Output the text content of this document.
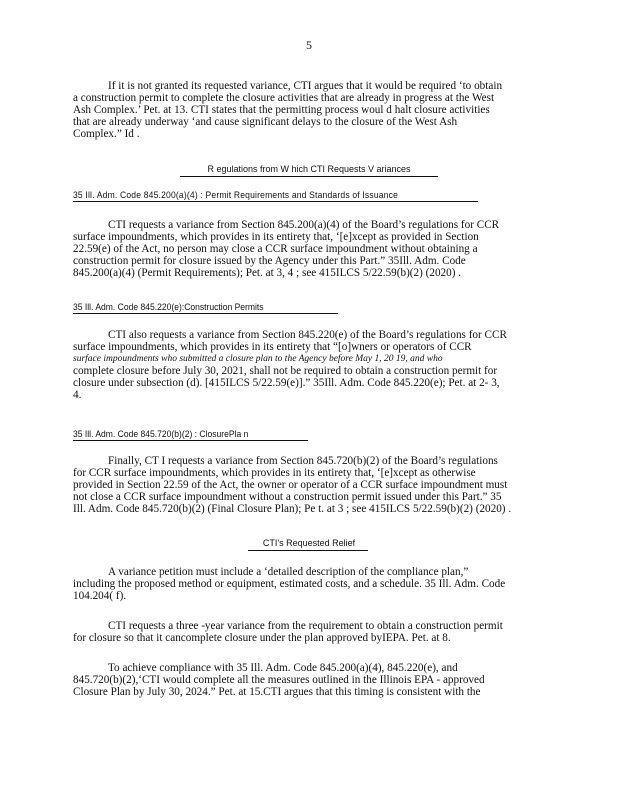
5
If it is not granted its requested variance, CTI argues that it would be required ‘to obtain
a construction permit to complete the closure activities that are already in progress at the West
Ash Complex.’ Pet. at 13. CTI states that the permitting process woul d halt closure activities
that are already underway ‘and cause significant delays to the closure of the West Ash
Complex.” Id .
R egulations from W hich CTI Requests V ariances
35 Ill. Adm. Code 845.200(a)(4) : Permit Requirements and Standards of Issuance
CTI requests a variance from Section 845.200(a)(4) of the Board’s regulations for CCR
surface impoundments, which provides in its entirety that, ‘[e]xcept as provided in Section
22.59(e) of the Act, no person may close a CCR surface impoundment without obtaining a
construction permit for closure issued by the Agency under this Part.” 35Ill. Adm. Code
845.200(a)(4) (Permit Requirements); Pet. at 3, 4 ; see 415ILCS 5/22.59(b)(2) (2020) .
35 Ill. Adm. Code 845.220(e):Construction Permits
CTI also requests a variance from Section 845.220(e) of the Board’s regulations for CCR
surface impoundments, which provides in its entirety that “[o]wners or operators of CCR
surface impoundments who submitted a closure plan to the Agency before May 1, 20 19, and who
complete closure before July 30, 2021, shall not be required to obtain a construction permit for
closure under subsection (d). [415ILCS 5/22.59(e)].” 35Ill. Adm. Code 845.220(e); Pet. at 2- 3,
4.
35 Ill. Adm. Code 845.720(b)(2) : ClosurePla n
Finally, CT I requests a variance from Section 845.720(b)(2) of the Board’s regulations
for CCR surface impoundments, which provides in its entirety that, ‘[e]xcept as otherwise
provided in Section 22.59 of the Act, the owner or operator of a CCR surface impoundment must
not close a CCR surface impoundment without a construction permit issued under this Part.” 35
Ill. Adm. Code 845.720(b)(2) (Final Closure Plan); Pe t. at 3 ; see 415ILCS 5/22.59(b)(2) (2020) .
CTI's Requested Relief
A variance petition must include a ‘detailed description of the compliance plan,”
including the proposed method or equipment, estimated costs, and a schedule. 35 Ill. Adm. Code
104.204( f).
CTI requests a three -year variance from the requirement to obtain a construction permit
for closure so that it cancomplete closure under the plan approved byIEPA. Pet. at 8.
To achieve compliance with 35 Ill. Adm. Code 845.200(a)(4), 845.220(e), and
845.720(b)(2),‘CTI would complete all the measures outlined in the Illinois EPA - approved
Closure Plan by July 30, 2024.” Pet. at 15.CTI argues that this timing is consistent with the
